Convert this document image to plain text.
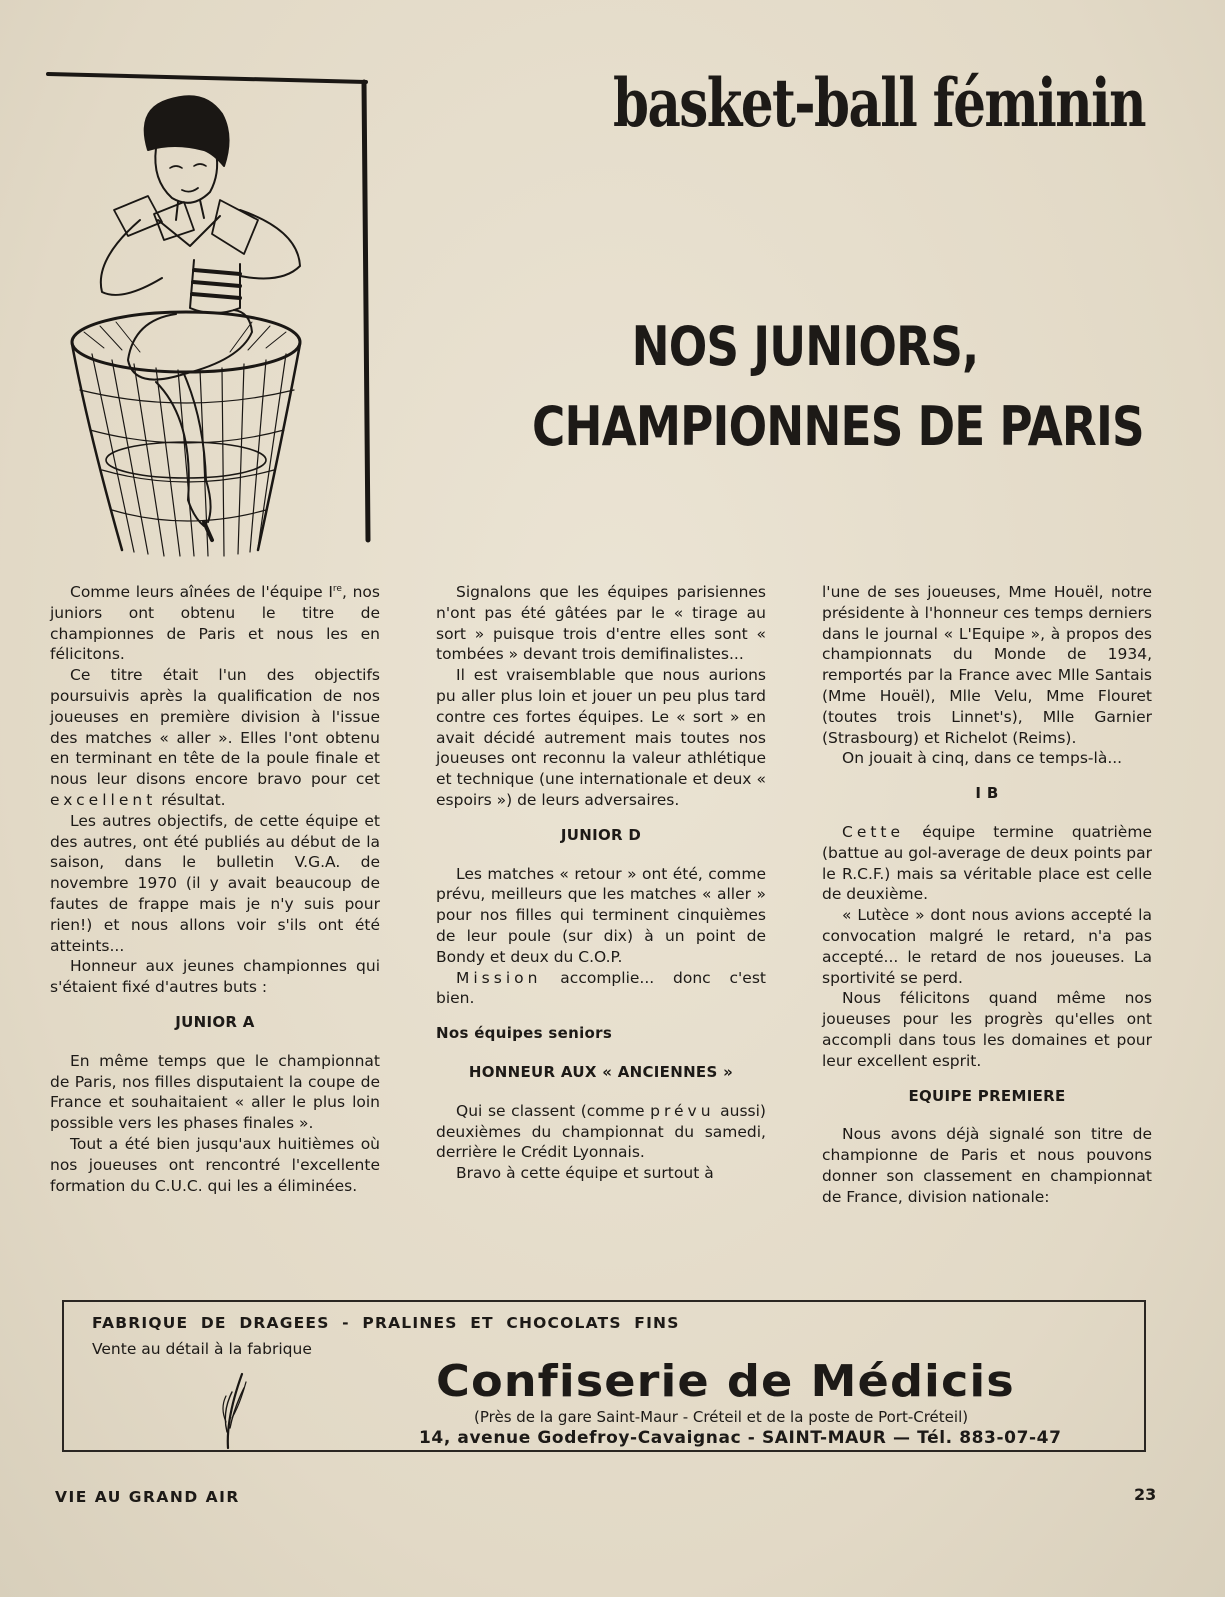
basket-ball féminin
NOS JUNIORS,
CHAMPIONNES DE PARIS

Comme leurs aînées de l'équipe Ire, nos juniors ont obtenu le titre de championnes de Paris et nous les en félicitons.

Ce titre était l'un des objectifs poursuivis après la qualification de nos joueuses en première division à l'issue des matches « aller ». Elles l'ont obtenu en terminant en tête de la poule finale et nous leur disons encore bravo pour cet excellent résultat.

Les autres objectifs, de cette équipe et des autres, ont été publiés au début de la saison, dans le bulletin V.G.A. de novembre 1970 (il y avait beaucoup de fautes de frappe mais je n'y suis pour rien!) et nous allons voir s'ils ont été atteints...

Honneur aux jeunes championnes qui s'étaient fixé d'autres buts :

JUNIOR A

En même temps que le championnat de Paris, nos filles disputaient la coupe de France et souhaitaient « aller le plus loin possible vers les phases finales ».

Tout a été bien jusqu'aux huitièmes où nos joueuses ont rencontré l'excellente formation du C.U.C. qui les a éliminées.

Signalons que les équipes parisiennes n'ont pas été gâtées par le « tirage au sort » puisque trois d'entre elles sont « tombées » devant trois demifinalistes...

Il est vraisemblable que nous aurions pu aller plus loin et jouer un peu plus tard contre ces fortes équipes. Le « sort » en avait décidé autrement mais toutes nos joueuses ont reconnu la valeur athlétique et technique (une internationale et deux « espoirs ») de leurs adversaires.

JUNIOR D

Les matches « retour » ont été, comme prévu, meilleurs que les matches « aller » pour nos filles qui terminent cinquièmes de leur poule (sur dix) à un point de Bondy et deux du C.O.P.

Mission accomplie... donc c'est bien.

Nos équipes seniors
HONNEUR AUX « ANCIENNES »

Qui se classent (comme prévu aussi) deuxièmes du championnat du samedi, derrière le Crédit Lyonnais.

Bravo à cette équipe et surtout à

l'une de ses joueuses, Mme Houël, notre présidente à l'honneur ces temps derniers dans le journal « L'Equipe », à propos des championnats du Monde de 1934, remportés par la France avec Mlle Santais (Mme Houël), Mlle Velu, Mme Flouret (toutes trois Linnet's), Mlle Garnier (Strasbourg) et Richelot (Reims).

On jouait à cinq, dans ce temps-là...

I B

Cette équipe termine quatrième (battue au gol-average de deux points par le R.C.F.) mais sa véritable place est celle de deuxième.

« Lutèce » dont nous avions accepté la convocation malgré le retard, n'a pas accepté... le retard de nos joueuses. La sportivité se perd.

Nous félicitons quand même nos joueuses pour les progrès qu'elles ont accompli dans tous les domaines et pour leur excellent esprit.

EQUIPE PREMIERE

Nous avons déjà signalé son titre de championne de Paris et nous pouvons donner son classement en championnat de France, division nationale:

FABRIQUE DE DRAGEES - PRALINES ET CHOCOLATS FINS
Vente au détail à la fabrique
Confiserie de Médicis
(Près de la gare Saint-Maur - Créteil et de la poste de Port-Créteil)
14, avenue Godefroy-Cavaignac - SAINT-MAUR — Tél. 883-07-47
VIE AU GRAND AIR	23
